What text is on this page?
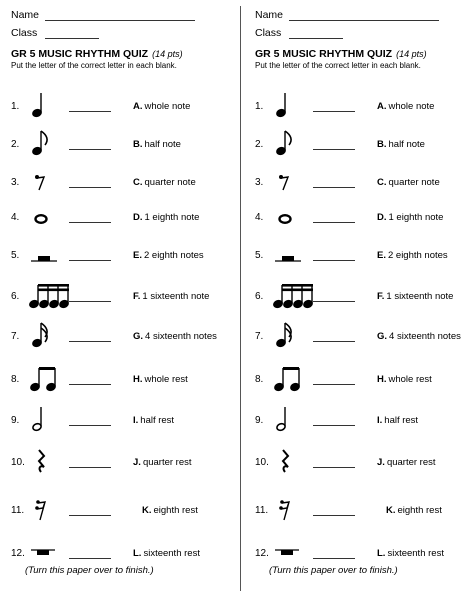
Name
Class
GR 5 MUSIC RHYTHM QUIZ (14 pts)
Put the letter of the correct letter in each blank.
1.	A. whole note
2.	B. half note
3.	C. quarter note
4.	D. 1 eighth note
5.	E. 2 eighth notes
6.	F. 1 sixteenth note
7.	G. 4 sixteenth notes
8.	H. whole rest
9.	I. half rest
10.	J. quarter rest
11.	K. eighth rest
12.	L. sixteenth rest
(Turn this paper over to finish.)
Name
Class
GR 5 MUSIC RHYTHM QUIZ (14 pts)
Put the letter of the correct letter in each blank.
1.	A. whole note
2.	B. half note
3.	C. quarter note
4.	D. 1 eighth note
5.	E. 2 eighth notes
6.	F. 1 sixteenth note
7.	G. 4 sixteenth notes
8.	H. whole rest
9.	I. half rest
10.	J. quarter rest
11.	K. eighth rest
12.	L. sixteenth rest
(Turn this paper over to finish.)
